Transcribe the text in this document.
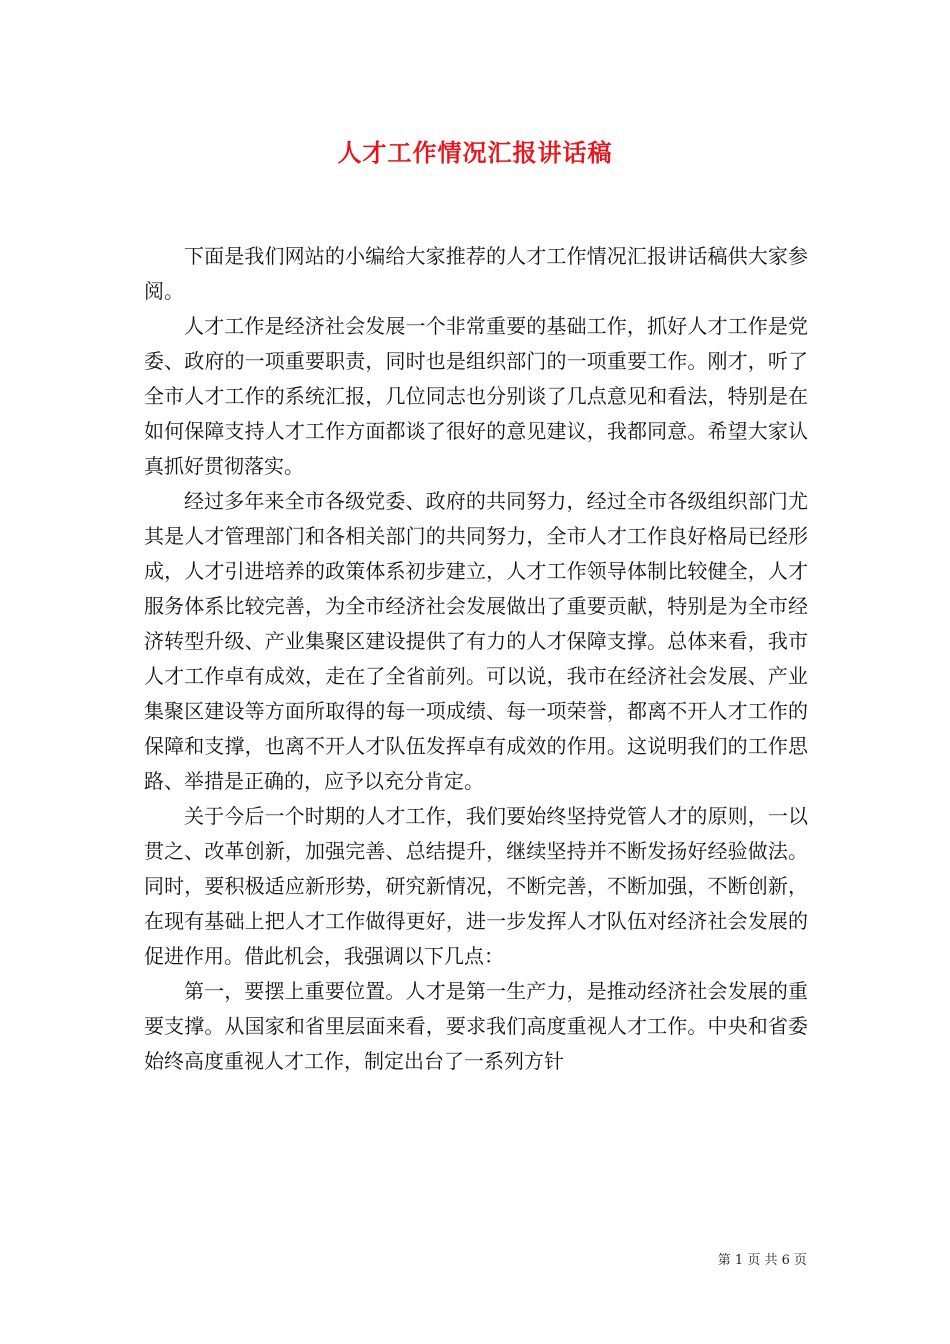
人才工作情况汇报讲话稿

下面是我们网站的小编给大家推荐的人才工作情况汇报讲话稿供大家参阅。

人才工作是经济社会发展一个非常重要的基础工作，抓好人才工作是党委、政府的一项重要职责，同时也是组织部门的一项重要工作。刚才，听了全市人才工作的系统汇报，几位同志也分别谈了几点意见和看法，特别是在如何保障支持人才工作方面都谈了很好的意见建议，我都同意。希望大家认真抓好贯彻落实。

经过多年来全市各级党委、政府的共同努力，经过全市各级组织部门尤其是人才管理部门和各相关部门的共同努力，全市人才工作良好格局已经形成，人才引进培养的政策体系初步建立，人才工作领导体制比较健全，人才服务体系比较完善，为全市经济社会发展做出了重要贡献，特别是为全市经济转型升级、产业集聚区建设提供了有力的人才保障支撑。总体来看，我市人才工作卓有成效，走在了全省前列。可以说，我市在经济社会发展、产业集聚区建设等方面所取得的每一项成绩、每一项荣誉，都离不开人才工作的保障和支撑，也离不开人才队伍发挥卓有成效的作用。这说明我们的工作思路、举措是正确的，应予以充分肯定。

关于今后一个时期的人才工作，我们要始终坚持党管人才的原则，一以贯之、改革创新，加强完善、总结提升，继续坚持并不断发扬好经验做法。同时，要积极适应新形势，研究新情况，不断完善，不断加强，不断创新，在现有基础上把人才工作做得更好，进一步发挥人才队伍对经济社会发展的促进作用。借此机会，我强调以下几点：

第一，要摆上重要位置。人才是第一生产力，是推动经济社会发展的重要支撑。从国家和省里层面来看，要求我们高度重视人才工作。中央和省委始终高度重视人才工作，制定出台了一系列方针

第 1 页 共 6 页
